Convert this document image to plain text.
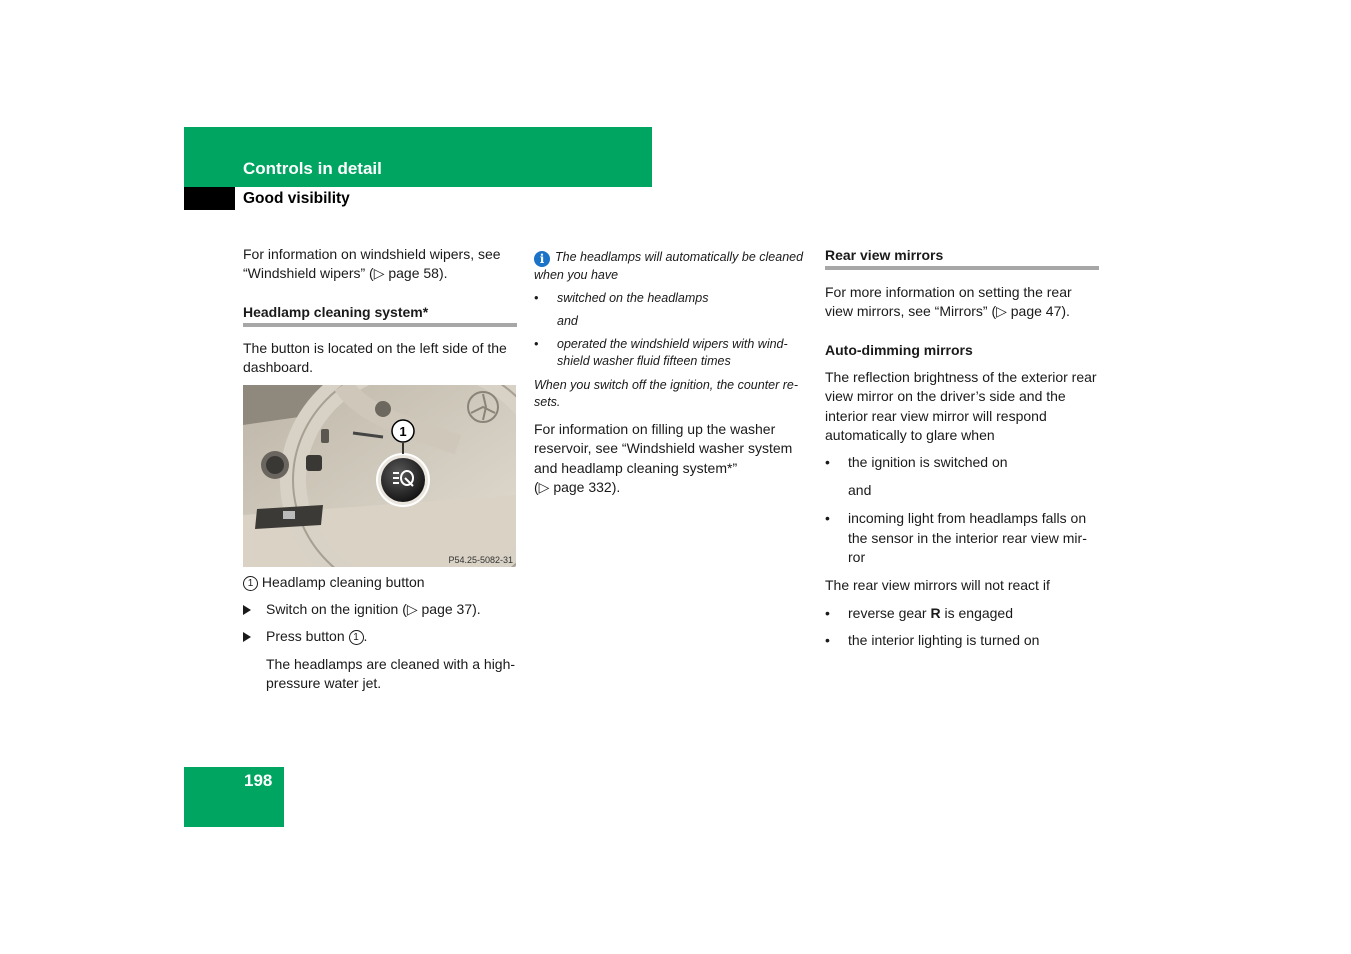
Controls in detail
Good visibility

For information on windshield wipers, see “Windshield wipers” (▷ page 58).

Headlamp cleaning system*

The button is located on the left side of the dashboard.

1
P54.25-5082-31

1 Headlamp cleaning button

Switch on the ignition (▷ page 37).
Press button 1 .

The headlamps are cleaned with a high-pressure water jet.

i The headlamps will automatically be cleaned when you have

• switched on the headlamps

and

• operated the windshield wipers with wind-shield washer fluid fifteen times

When you switch off the ignition, the counter re-sets.

For information on filling up the washer reservoir, see “Windshield washer system and headlamp cleaning system*”

(▷ page 332).

Rear view mirrors

For more information on setting the rear view mirrors, see “Mirrors” (▷ page 47).

Auto-dimming mirrors

The reflection brightness of the exterior rear view mirror on the driver’s side and the interior rear view mirror will respond automatically to glare when

• the ignition is switched on

and

• incoming light from headlamps falls on the sensor in the interior rear view mir-ror

The rear view mirrors will not react if

• reverse gear R is engaged
• the interior lighting is turned on
198
